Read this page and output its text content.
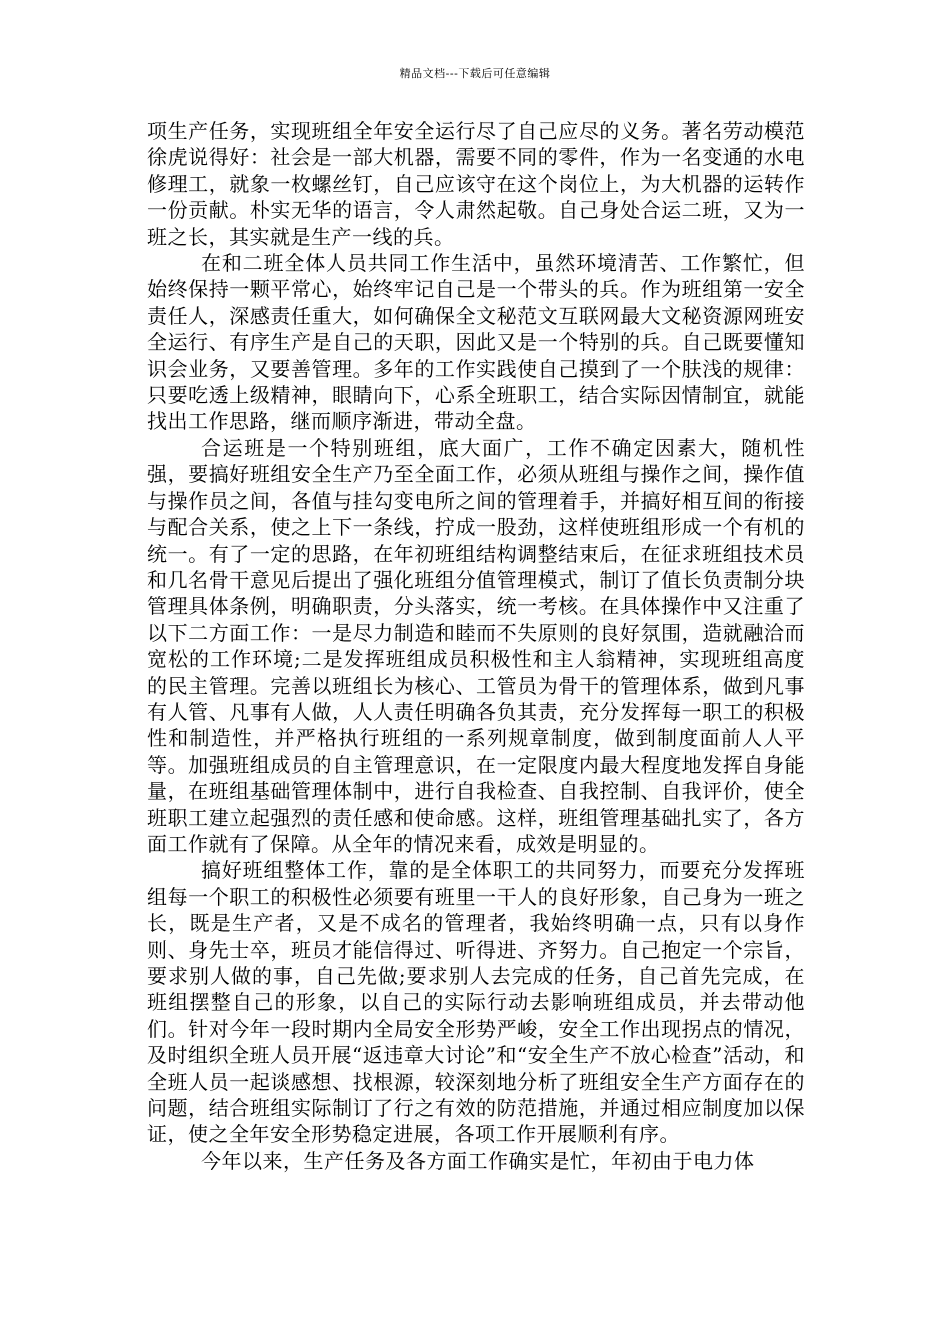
精品文档---下载后可任意编辑

项生产任务，实现班组全年安全运行尽了自己应尽的义务。著名劳动模范徐虎说得好：社会是一部大机器，需要不同的零件，作为一名变通的水电修理工，就象一枚螺丝钉，自己应该守在这个岗位上，为大机器的运转作一份贡献。朴实无华的语言，令人肃然起敬。自己身处合运二班，又为一班之长，其实就是生产一线的兵。

在和二班全体人员共同工作生活中，虽然环境清苦、工作繁忙，但始终保持一颗平常心，始终牢记自己是一个带头的兵。作为班组第一安全责任人，深感责任重大，如何确保全文秘范文互联网最大文秘资源网班安全运行、有序生产是自己的天职，因此又是一个特别的兵。自己既要懂知识会业务，又要善管理。多年的工作实践使自己摸到了一个肤浅的规律：只要吃透上级精神，眼睛向下，心系全班职工，结合实际因情制宜，就能找出工作思路，继而顺序渐进，带动全盘。

合运班是一个特别班组，底大面广，工作不确定因素大，随机性强，要搞好班组安全生产乃至全面工作，必须从班组与操作之间，操作值与操作员之间，各值与挂勾变电所之间的管理着手，并搞好相互间的衔接与配合关系，使之上下一条线，拧成一股劲，这样使班组形成一个有机的统一。有了一定的思路，在年初班组结构调整结束后，在征求班组技术员和几名骨干意见后提出了强化班组分值管理模式，制订了值长负责制分块管理具体条例，明确职责，分头落实，统一考核。在具体操作中又注重了以下二方面工作：一是尽力制造和睦而不失原则的良好氛围，造就融洽而宽松的工作环境;二是发挥班组成员积极性和主人翁精神，实现班组高度的民主管理。完善以班组长为核心、工管员为骨干的管理体系，做到凡事有人管、凡事有人做，人人责任明确各负其责，充分发挥每一职工的积极性和制造性，并严格执行班组的一系列规章制度，做到制度面前人人平等。加强班组成员的自主管理意识，在一定限度内最大程度地发挥自身能量，在班组基础管理体制中，进行自我检查、自我控制、自我评价，使全班职工建立起强烈的责任感和使命感。这样，班组管理基础扎实了，各方面工作就有了保障。从全年的情况来看，成效是明显的。

搞好班组整体工作，靠的是全体职工的共同努力，而要充分发挥班组每一个职工的积极性必须要有班里一干人的良好形象，自己身为一班之长，既是生产者，又是不成名的管理者，我始终明确一点，只有以身作则、身先士卒，班员才能信得过、听得进、齐努力。自己抱定一个宗旨，要求别人做的事，自己先做;要求别人去完成的任务，自己首先完成，在班组摆整自己的形象，以自己的实际行动去影响班组成员，并去带动他们。针对今年一段时期内全局安全形势严峻，安全工作出现拐点的情况，及时组织全班人员开展“返违章大讨论”和“安全生产不放心检查”活动，和全班人员一起谈感想、找根源，较深刻地分析了班组安全生产方面存在的问题，结合班组实际制订了行之有效的防范措施，并通过相应制度加以保证，使之全年安全形势稳定进展，各项工作开展顺利有序。

今年以来，生产任务及各方面工作确实是忙，年初由于电力体
